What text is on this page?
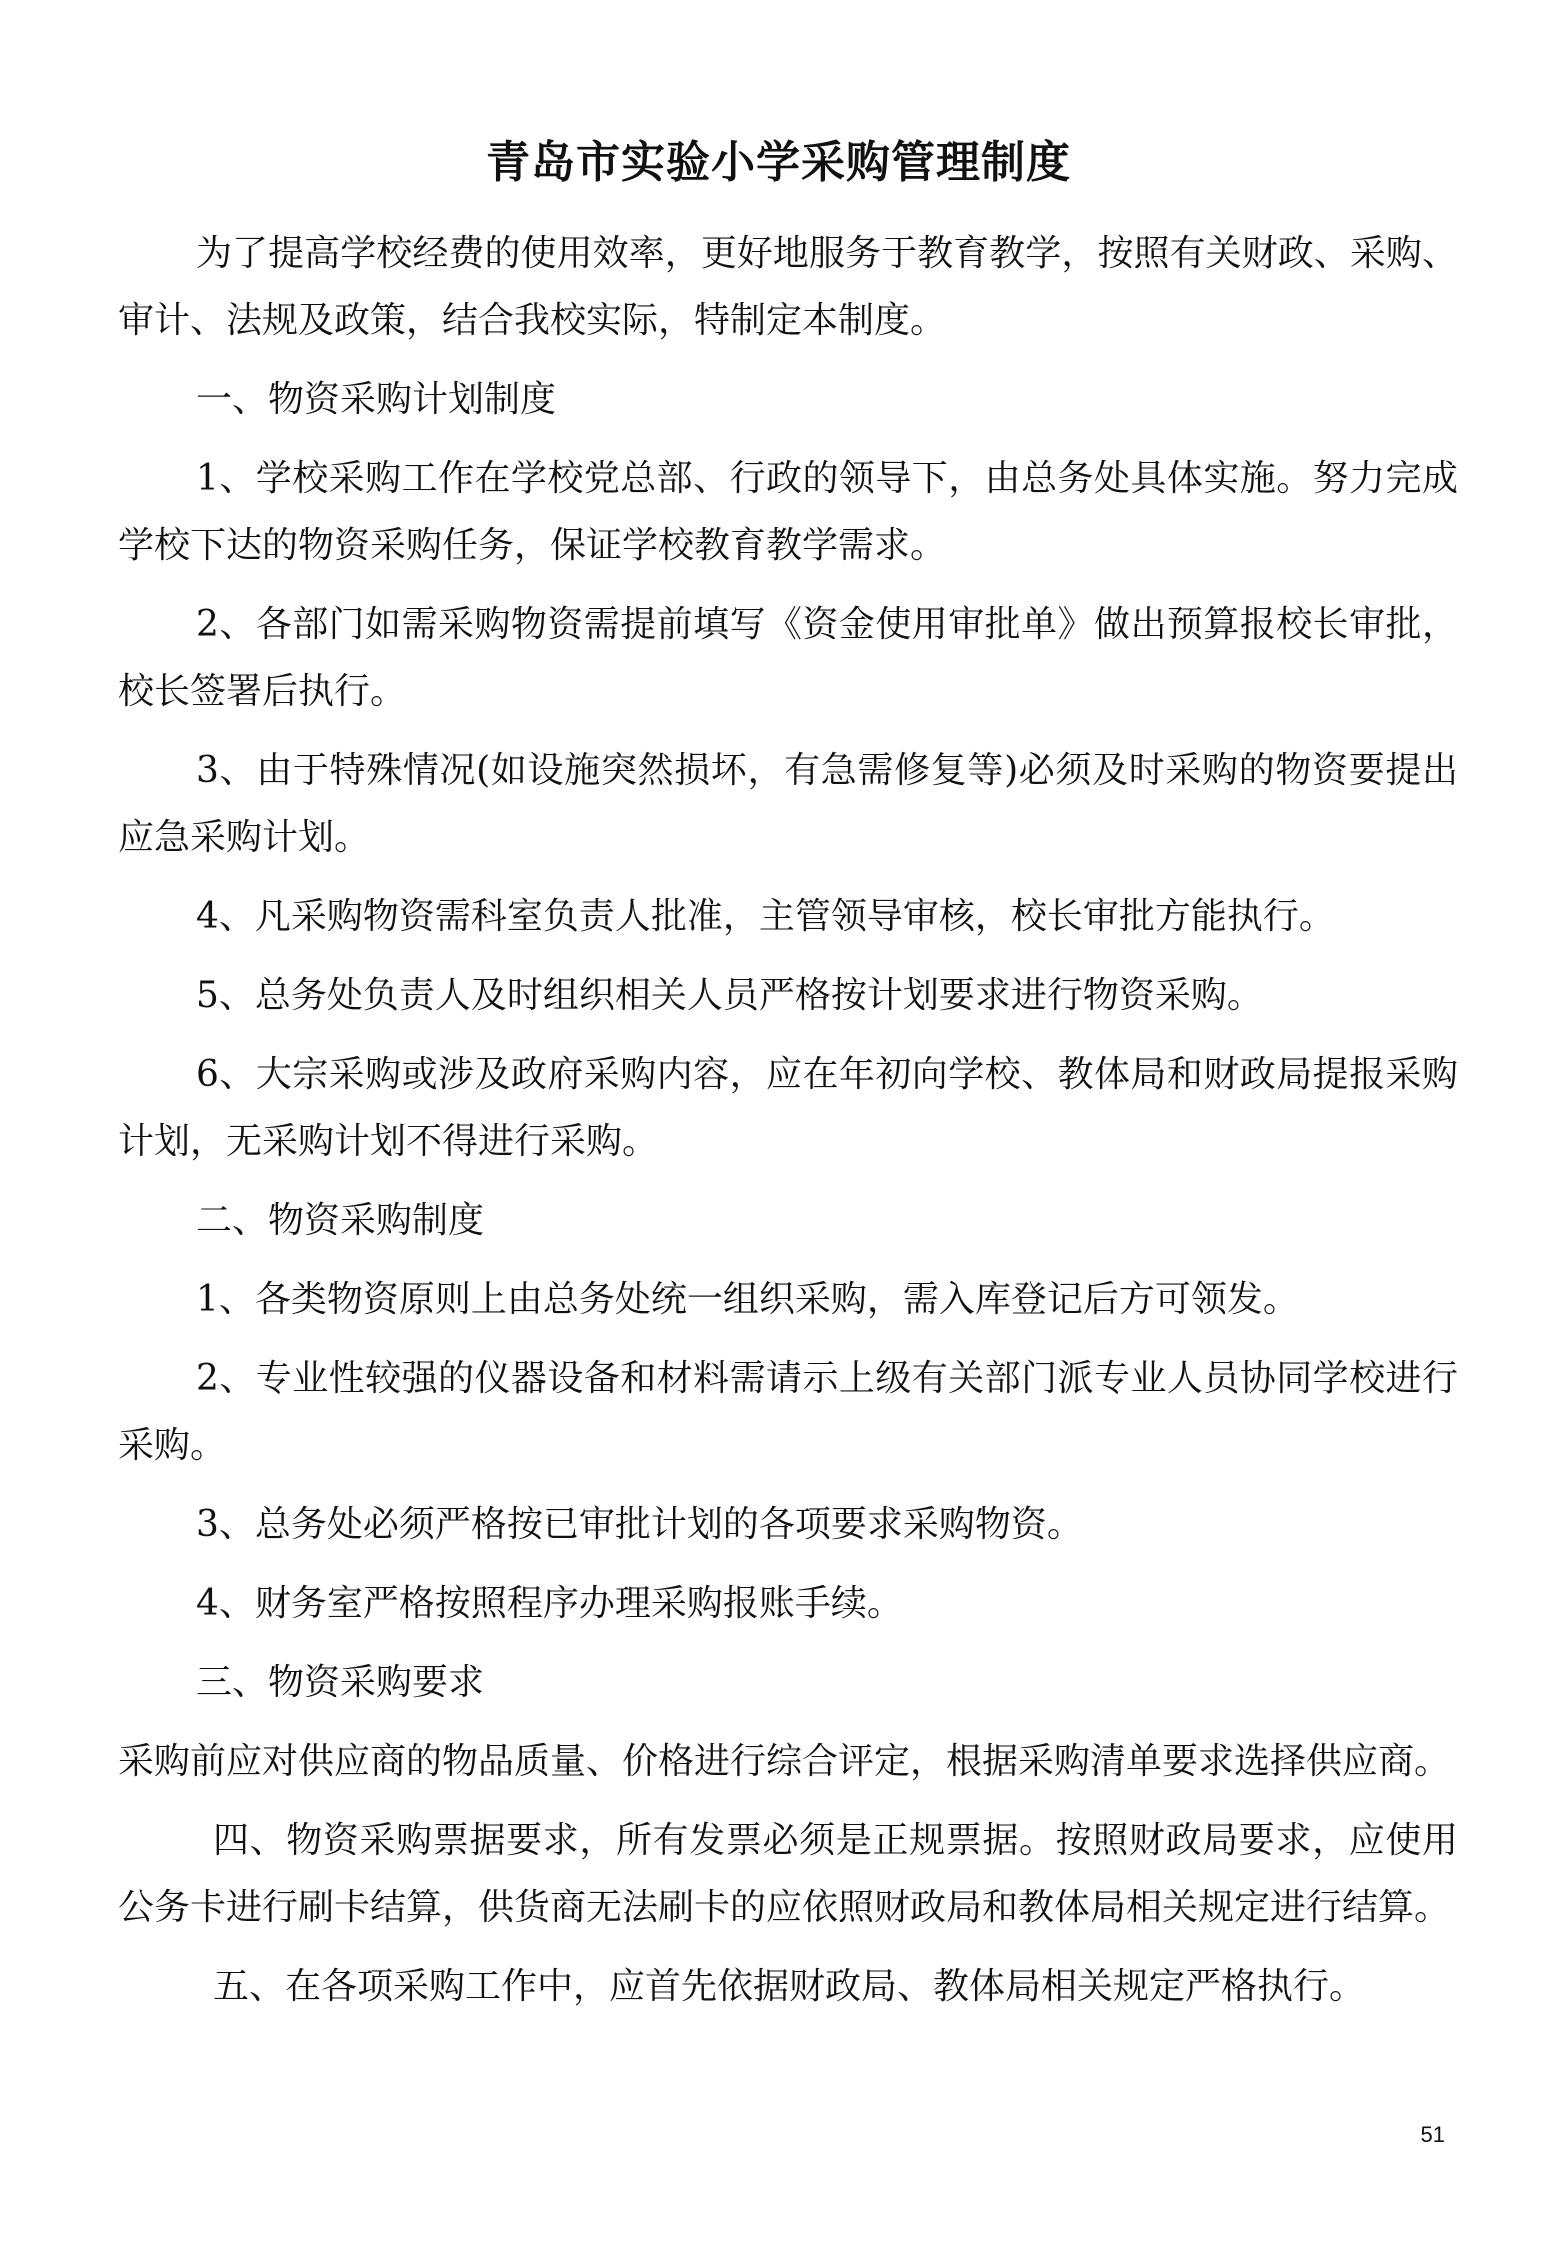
青岛市实验小学采购管理制度

为了提高学校经费的使用效率，更好地服务于教育教学，按照有关财政、采购、审计、法规及政策，结合我校实际，特制定本制度。

一、物资采购计划制度

1、学校采购工作在学校党总部、行政的领导下，由总务处具体实施。努力完成学校下达的物资采购任务，保证学校教育教学需求。

2、各部门如需采购物资需提前填写《资金使用审批单》做出预算报校长审批，校长签署后执行。

3、由于特殊情况(如设施突然损坏，有急需修复等)必须及时采购的物资要提出应急采购计划。

4、凡采购物资需科室负责人批准，主管领导审核，校长审批方能执行。

5、总务处负责人及时组织相关人员严格按计划要求进行物资采购。

6、大宗采购或涉及政府采购内容，应在年初向学校、教体局和财政局提报采购计划，无采购计划不得进行采购。

二、物资采购制度

1、各类物资原则上由总务处统一组织采购，需入库登记后方可领发。

2、专业性较强的仪器设备和材料需请示上级有关部门派专业人员协同学校进行采购。

3、总务处必须严格按已审批计划的各项要求采购物资。

4、财务室严格按照程序办理采购报账手续。

三、物资采购要求

采购前应对供应商的物品质量、价格进行综合评定，根据采购清单要求选择供应商。

四、物资采购票据要求，所有发票必须是正规票据。按照财政局要求，应使用公务卡进行刷卡结算，供货商无法刷卡的应依照财政局和教体局相关规定进行结算。

五、在各项采购工作中，应首先依据财政局、教体局相关规定严格执行。

51
